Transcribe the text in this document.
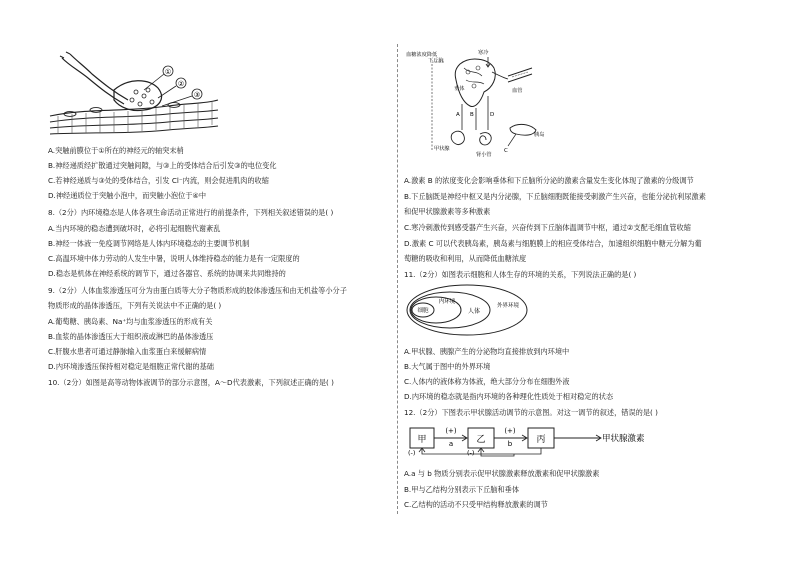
①
②
③
A.突触前膜位于①所在的神经元的轴突末梢
B.神经递质经扩散通过突触间隙，与③上的受体结合后引发③的电位变化
C.若神经递质与③处的受体结合，引发 Cl⁻内流，则会促进肌肉的收缩
D.神经递质位于突触小泡中，而突触小泡位于④中
8.（2分）内环境稳态是人体各项生命活动正常进行的前提条件，下列相关叙述错误的是( )
A.当内环境的稳态遭到破坏时，必将引起细胞代谢紊乱
B.神经一体液一免疫调节网络是人体内环境稳态的主要调节机制
C.高温环境中体力劳动的人发生中暑，说明人体维持稳态的能力是有一定限度的
D.稳态是机体在神经系统的调节下，通过各器官、系统的协调来共同维持的
9.（2分）人体血浆渗透压可分为由蛋白质等大分子物质形成的胶体渗透压和由无机盐等小分子
物质形成的晶体渗透压，下列有关说法中不正确的是( )
A.葡萄糖、胰岛素、Na⁺均与血浆渗透压的形成有关
B.血浆的晶体渗透压大于组织液或淋巴的晶体渗透压
C.肝腹水患者可通过静脉输入血浆蛋白来缓解病情
D.内环境渗透压保持相对稳定是细胞正常代谢的基础
10.（2分）如图是高等动物体液调节的部分示意图，A～D代表激素，下列叙述正确的是( )
血糖浓度降低
下丘脑
寒冷
垂体	血管
A B	D
甲状腺
肾小管
胰岛
C
A.激素 B 的浓度变化会影响垂体和下丘脑所分泌的激素含量发生变化体现了激素的分级调节
B.下丘脑既是神经中枢又是内分泌腺，下丘脑细胞既能接受刺激产生兴奋，也能分泌抗利尿激素
和促甲状腺激素等多种激素
C.寒冷刺激传到感受器产生兴奋，兴奋传到下丘脑体温调节中枢，通过②支配毛细血管收缩
D.激素 C 可以代表胰岛素，胰岛素与细胞膜上的相应受体结合，加速组织细胞中糖元分解为葡
萄糖的吸收和利用，从而降低血糖浓度
11.（2分）如图表示细胞和人体生存的环境的关系，下列说法正确的是( )
细胞
内环境
人体
外界环境
A.甲状腺、胰腺产生的分泌物均直接排放到内环境中
B.大气属于图中的外界环境
C.人体内的液体称为体液，绝大部分分布在细胞外液
D.内环境的稳态就是指内环境的各种理化性质处于相对稳定的状态
12.（2分）下图表示甲状腺活动调节的示意图。对这一调节的叙述，错误的是( )
甲	乙	丙
(+)
a
(+)
b	甲状腺激素
(-)	(-)
A.a 与 b 物质分别表示促甲状腺激素释放激素和促甲状腺激素
B.甲与乙结构分别表示下丘脑和垂体
C.乙结构的活动不只受甲结构释放激素的调节
